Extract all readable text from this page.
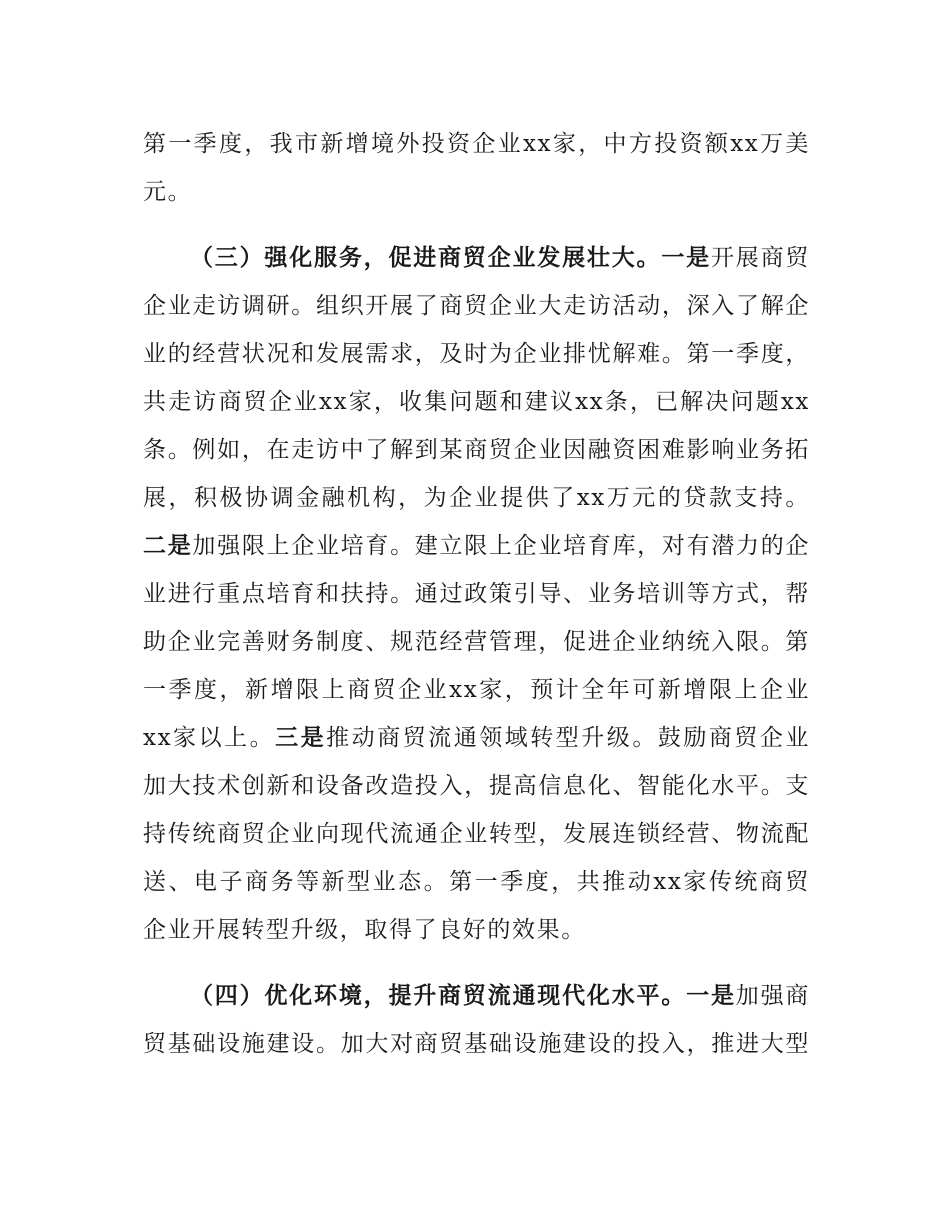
第一季度，我市新增境外投资企业xx家，中方投资额xx万美
元。
（三）强化服务，促进商贸企业发展壮大。一是开展商贸
企业走访调研。组织开展了商贸企业大走访活动，深入了解企
业的经营状况和发展需求，及时为企业排忧解难。第一季度，
共走访商贸企业xx家，收集问题和建议xx条，已解决问题xx
条。例如，在走访中了解到某商贸企业因融资困难影响业务拓
展，积极协调金融机构，为企业提供了xx万元的贷款支持。
二是加强限上企业培育。建立限上企业培育库，对有潜力的企
业进行重点培育和扶持。通过政策引导、业务培训等方式，帮
助企业完善财务制度、规范经营管理，促进企业纳统入限。第
一季度，新增限上商贸企业xx家，预计全年可新增限上企业
xx家以上。三是推动商贸流通领域转型升级。鼓励商贸企业
加大技术创新和设备改造投入，提高信息化、智能化水平。支
持传统商贸企业向现代流通企业转型，发展连锁经营、物流配
送、电子商务等新型业态。第一季度，共推动xx家传统商贸
企业开展转型升级，取得了良好的效果。
（四）优化环境，提升商贸流通现代化水平。一是加强商
贸基础设施建设。加大对商贸基础设施建设的投入，推进大型
